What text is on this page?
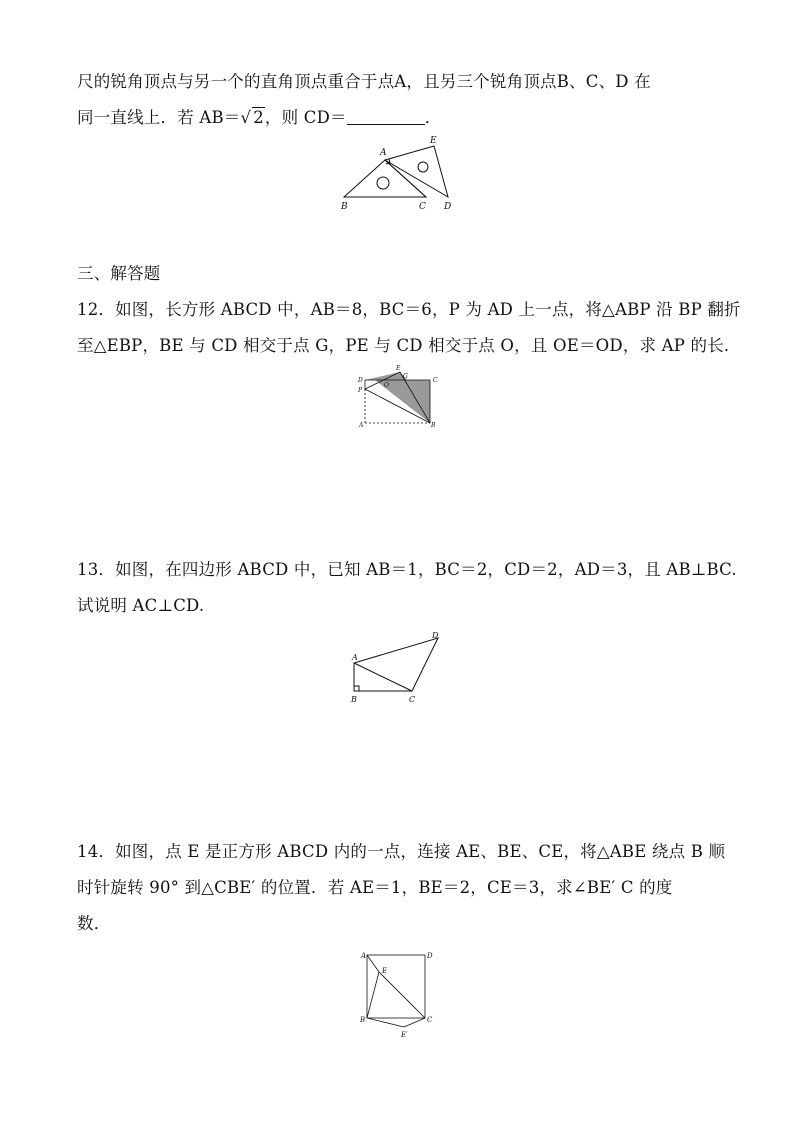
尺的锐角顶点与另一个的直角顶点重合于点A，且另三个锐角顶点B、C、D 在
同一直线上．若 AB＝√ 2，则 CD＝	．
A
E
B	C D
三、解答题
12．如图，长方形 ABCD 中，AB＝8，BC＝6，P 为 AD 上一点，将△ABP 沿 BP 翻折
至△EBP，BE 与 CD 相交于点 G，PE 与 CD 相交于点 O，且 OE＝OD，求 AP 的长．
D
E
G
C
P
O
A	B
13．如图，在四边形 ABCD 中，已知 AB＝1，BC＝2，CD＝2，AD＝3，且 AB⊥BC.
试说明 AC⊥CD.
A
B	C
D
14．如图，点 E 是正方形 ABCD 内的一点，连接 AE、BE、CE，将△ABE 绕点 B 顺
时针旋转 90° 到△CBE′ 的位置．若 AE＝1，BE＝2，CE＝3，求∠BE′ C 的度
数．
A	D
E
B	C
E′
